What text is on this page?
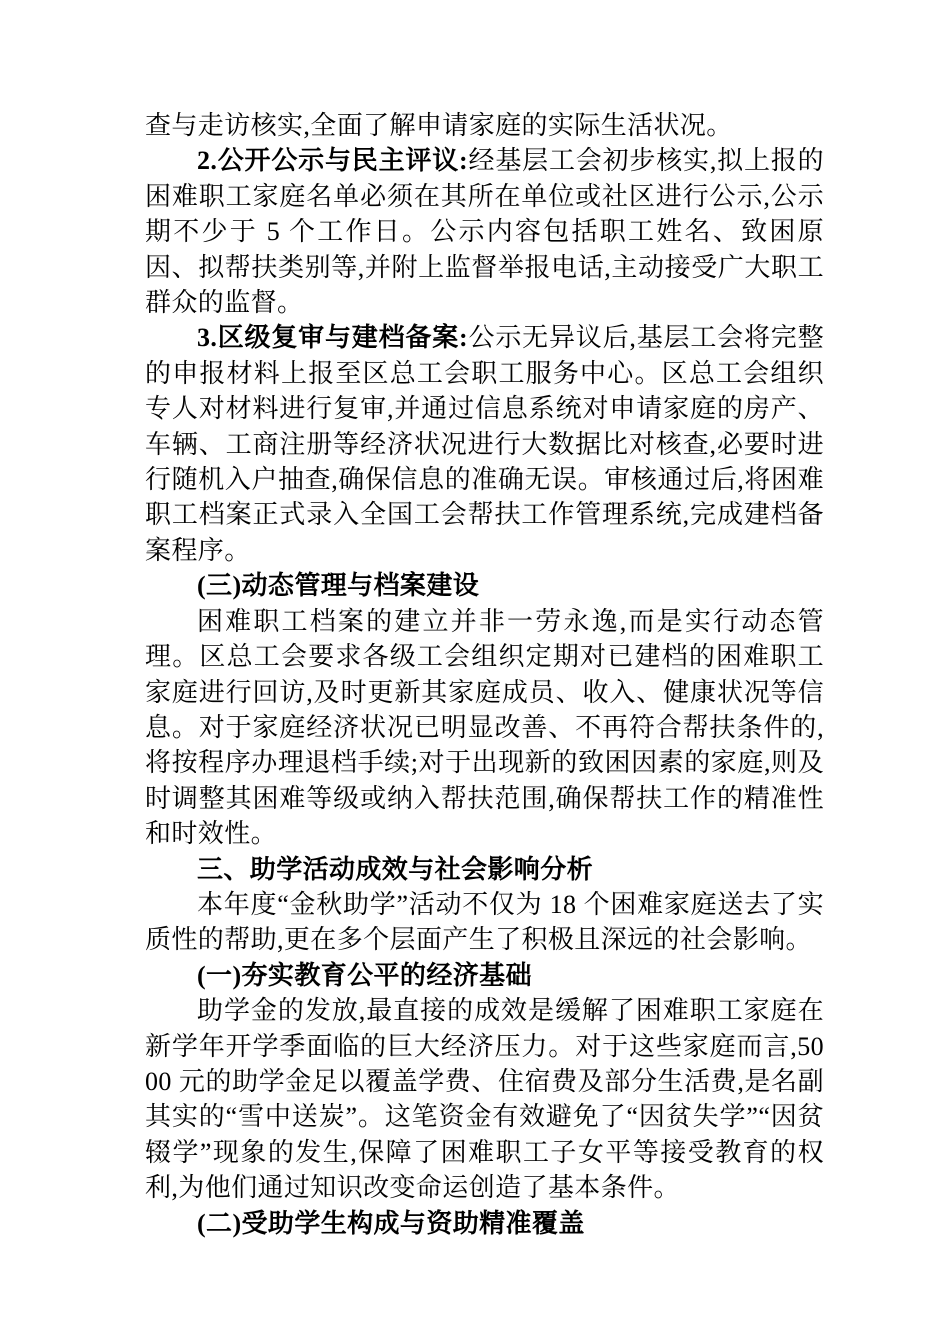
查与走访核实,全面了解申请家庭的实际生活状况。

2.公开公示与民主评议:经基层工会初步核实,拟上报的困难职工家庭名单必须在其所在单位或社区进行公示,公示期不少于 5 个工作日。公示内容包括职工姓名、致困原因、拟帮扶类别等,并附上监督举报电话,主动接受广大职工群众的监督。

3.区级复审与建档备案:公示无异议后,基层工会将完整的申报材料上报至区总工会职工服务中心。区总工会组织专人对材料进行复审,并通过信息系统对申请家庭的房产、车辆、工商注册等经济状况进行大数据比对核查,必要时进行随机入户抽查,确保信息的准确无误。审核通过后,将困难职工档案正式录入全国工会帮扶工作管理系统,完成建档备案程序。

(三)动态管理与档案建设

困难职工档案的建立并非一劳永逸,而是实行动态管理。区总工会要求各级工会组织定期对已建档的困难职工家庭进行回访,及时更新其家庭成员、收入、健康状况等信息。对于家庭经济状况已明显改善、不再符合帮扶条件的,将按程序办理退档手续;对于出现新的致困因素的家庭,则及时调整其困难等级或纳入帮扶范围,确保帮扶工作的精准性和时效性。

三、助学活动成效与社会影响分析

本年度“金秋助学”活动不仅为 18 个困难家庭送去了实质性的帮助,更在多个层面产生了积极且深远的社会影响。

(一)夯实教育公平的经济基础

助学金的发放,最直接的成效是缓解了困难职工家庭在新学年开学季面临的巨大经济压力。对于这些家庭而言,5000 元的助学金足以覆盖学费、住宿费及部分生活费,是名副其实的“雪中送炭”。这笔资金有效避免了“因贫失学”“因贫辍学”现象的发生,保障了困难职工子女平等接受教育的权利,为他们通过知识改变命运创造了基本条件。

(二)受助学生构成与资助精准覆盖
